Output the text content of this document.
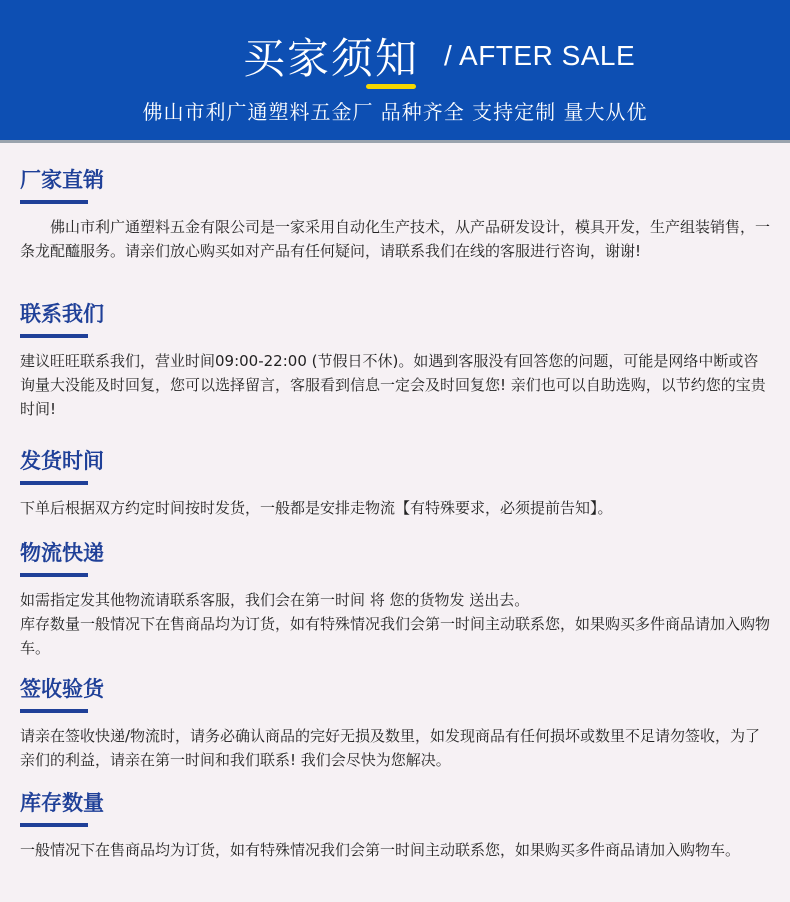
买家须知 / AFTER SALE
佛山市利广通塑料五金厂 品种齐全 支持定制 量大从优
厂家直销

佛山市利广通塑料五金有限公司是一家采用自动化生产技术，从产品研发设计，模具开发，生产组装销售，一条龙配醯服务。请亲们放心购买如对产品有任何疑问，请联系我们在线的客服进行咨询，谢谢!

联系我们

建议旺旺联系我们，营业时间09:00-22:00 (节假日不休)。如遇到客服没有回答您的问题，可能是网络中断或咨询量大没能及时回复，您可以选择留言，客服看到信息一定会及时回复您! 亲们也可以自助选购，以节约您的宝贵时间!

发货时间

下单后根据双方约定时间按时发货，一般都是安排走物流【有特殊要求，必须提前告知】。

物流快递

如需指定发其他物流请联系客服，我们会在第一时间 将 您的货物发 送出去。

库存数量一般情况下在售商品均为订货，如有特殊情况我们会第一时间主动联系您，如果购买多件商品请加入购物车。

签收验货

请亲在签收快递/物流时，请务必确认商品的完好无损及数里，如发现商品有任何损坏或数里不足请勿签收，为了亲们的利益，请亲在第一时间和我们联系! 我们会尽快为您解决。

库存数量

一般情况下在售商品均为订货，如有特殊情况我们会第一时间主动联系您，如果购买多件商品请加入购物车。
